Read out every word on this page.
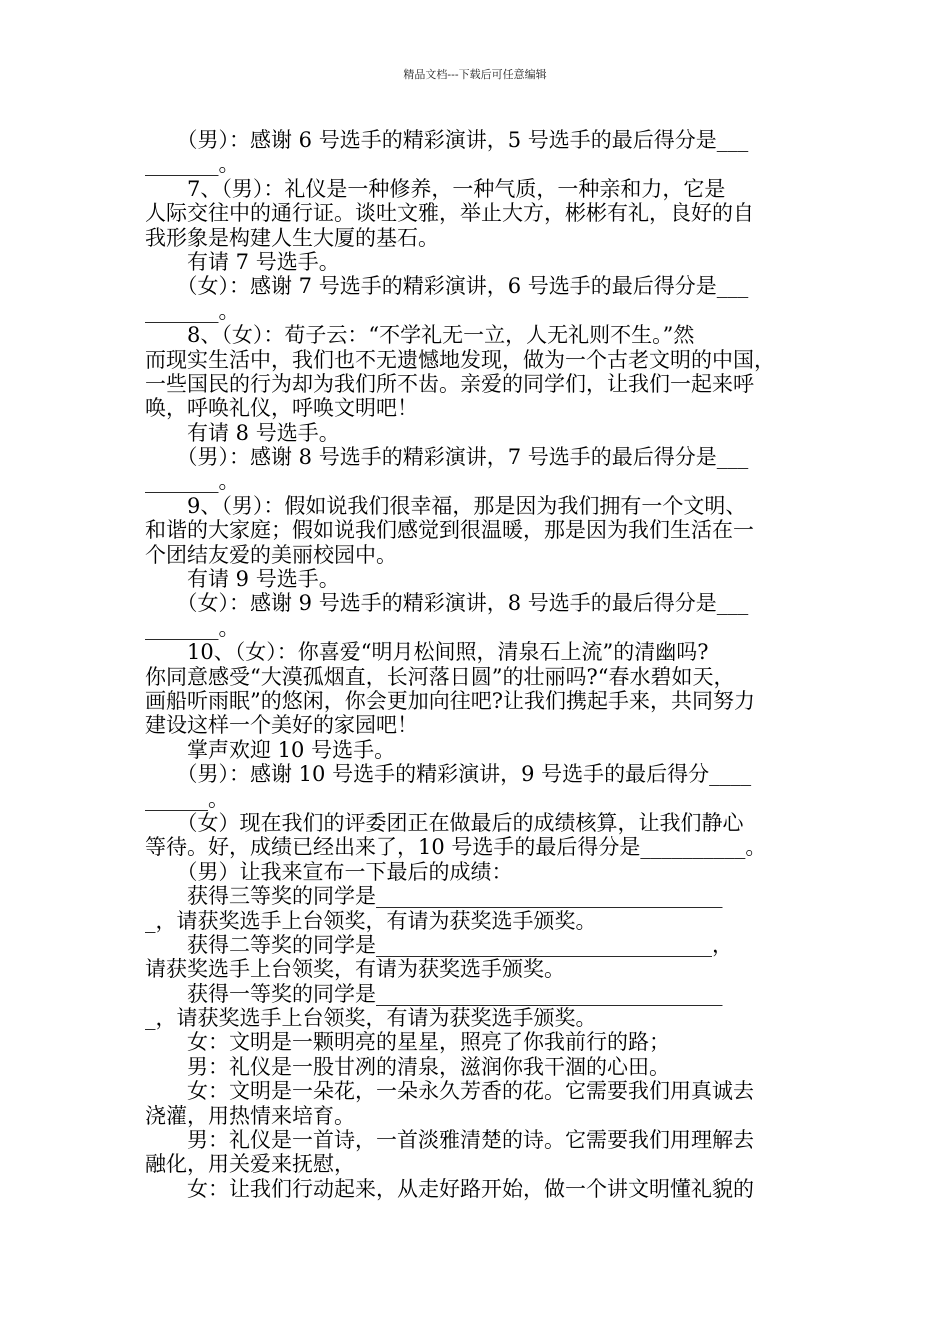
精品文档---下载后可任意编辑
　　（男）：感谢 6 号选手的精彩演讲，5 号选手的最后得分是___
_______。
　　7、（男）：礼仪是一种修养，一种气质，一种亲和力，它是
人际交往中的通行证。谈吐文雅，举止大方，彬彬有礼，良好的自
我形象是构建人生大厦的基石。
　　有请 7 号选手。
　　（女）：感谢 7 号选手的精彩演讲，6 号选手的最后得分是___
_______。
　　8、（女）：荀子云：“不学礼无一立，人无礼则不生。”然
而现实生活中，我们也不无遗憾地发现，做为一个古老文明的中国，
一些国民的行为却为我们所不齿。亲爱的同学们，让我们一起来呼
唤，呼唤礼仪，呼唤文明吧！
　　有请 8 号选手。
　　（男）：感谢 8 号选手的精彩演讲，7 号选手的最后得分是___
_______。
　　9、（男）：假如说我们很幸福，那是因为我们拥有一个文明、
和谐的大家庭；假如说我们感觉到很温暖，那是因为我们生活在一
个团结友爱的美丽校园中。
　　有请 9 号选手。
　　（女）：感谢 9 号选手的精彩演讲，8 号选手的最后得分是___
_______。
　　10、（女）：你喜爱“明月松间照，清泉石上流”的清幽吗?
你同意感受“大漠孤烟直，长河落日圆”的壮丽吗?“春水碧如天，
画船听雨眠”的悠闲，你会更加向往吧?让我们携起手来，共同努力
建设这样一个美好的家园吧！
　　掌声欢迎 10 号选手。
　　（男）：感谢 10 号选手的精彩演讲，9 号选手的最后得分____
______。
　　（女）现在我们的评委团正在做最后的成绩核算，让我们静心
等待。好，成绩已经出来了，10 号选手的最后得分是__________。
　　（男）让我来宣布一下最后的成绩：
　　获得三等奖的同学是_________________________________
_，请获奖选手上台领奖，有请为获奖选手颁奖。
　　获得二等奖的同学是________________________________，
请获奖选手上台领奖，有请为获奖选手颁奖。
　　获得一等奖的同学是_________________________________
_，请获奖选手上台领奖，有请为获奖选手颁奖。
　　女：文明是一颗明亮的星星，照亮了你我前行的路；
　　男：礼仪是一股甘冽的清泉，滋润你我干涸的心田。
　　女：文明是一朵花，一朵永久芳香的花。它需要我们用真诚去
浇灌，用热情来培育。
　　男：礼仪是一首诗，一首淡雅清楚的诗。它需要我们用理解去
融化，用关爱来抚慰，
　　女：让我们行动起来，从走好路开始，做一个讲文明懂礼貌的
